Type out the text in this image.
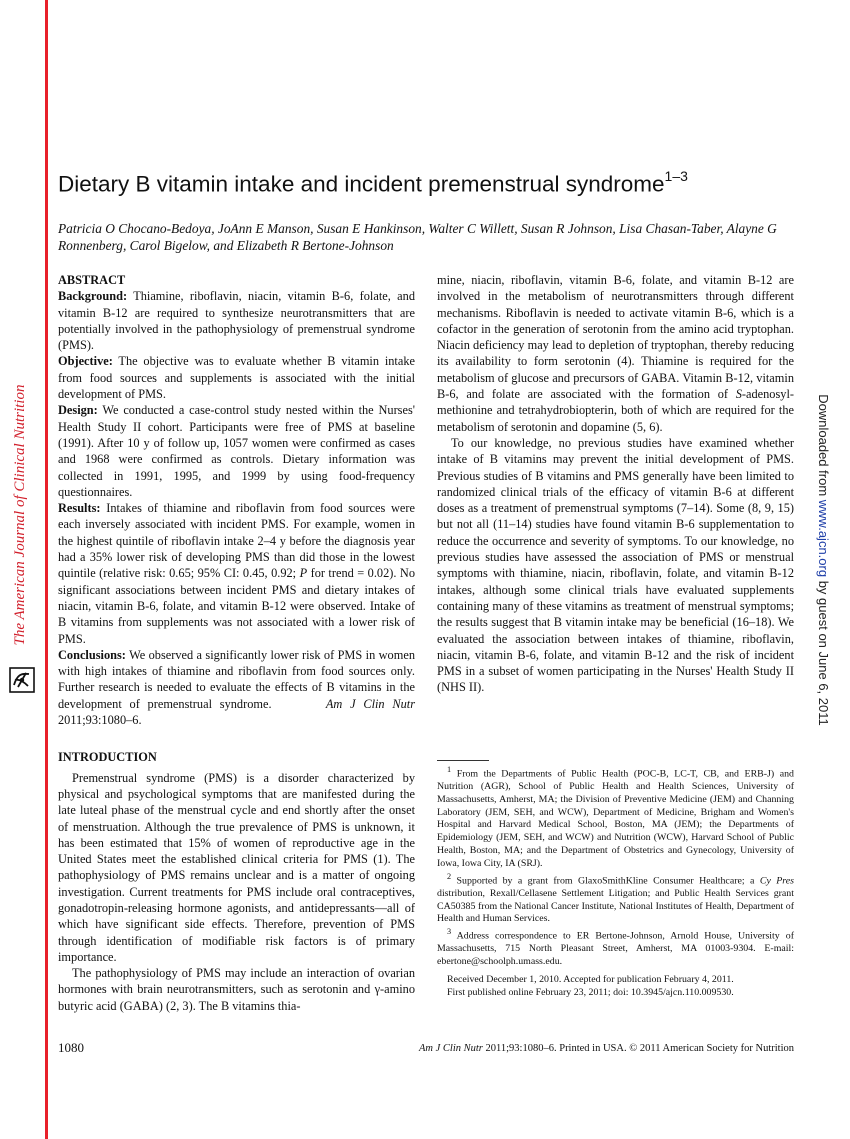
The American Journal of Clinical Nutrition	Downloaded from www.ajcn.org by guest on June 6, 2011
Dietary B vitamin intake and incident premenstrual syndrome$^{1-3}$
Patricia O Chocano-Bedoya, JoAnn E Manson, Susan E Hankinson, Walter C Willett, Susan R Johnson, Lisa Chasan-Taber, Alayne G Ronnenberg, Carol Bigelow, and Elizabeth R Bertone-Johnson

ABSTRACT

Background: Thiamine, riboflavin, niacin, vitamin B-6, folate, and vitamin B-12 are required to synthesize neurotransmitters that are potentially involved in the pathophysiology of premenstrual syndrome (PMS).

Objective: The objective was to evaluate whether B vitamin intake from food sources and supplements is associated with the initial development of PMS.

Design: We conducted a case-control study nested within the Nurses' Health Study II cohort. Participants were free of PMS at baseline (1991). After 10 y of follow up, 1057 women were confirmed as cases and 1968 were confirmed as controls. Dietary information was collected in 1991, 1995, and 1999 by using food-frequency questionnaires.

Results: Intakes of thiamine and riboflavin from food sources were each inversely associated with incident PMS. For example, women in the highest quintile of riboflavin intake 2–4 y before the diagnosis year had a 35% lower risk of developing PMS than did those in the lowest quintile (relative risk: 0.65; 95% CI: 0.45, 0.92; P for trend = 0.02). No significant associations between incident PMS and dietary intakes of niacin, vitamin B-6, folate, and vitamin B-12 were observed. Intake of B vitamins from supplements was not associated with a lower risk of PMS.

Conclusions: We observed a significantly lower risk of PMS in women with high intakes of thiamine and riboflavin from food sources only. Further research is needed to evaluate the effects of B vitamins in the development of premenstrual syndrome.	Am J Clin Nutr 2011;93:1080–6.

INTRODUCTION

Premenstrual syndrome (PMS) is a disorder characterized by physical and psychological symptoms that are manifested during the late luteal phase of the menstrual cycle and end shortly after the onset of menstruation. Although the true prevalence of PMS is unknown, it has been estimated that 15% of women of reproductive age in the United States meet the established clinical criteria for PMS (1). The pathophysiology of PMS remains unclear and is a matter of ongoing investigation. Current treatments for PMS include oral contraceptives, gonadotropin-releasing hormone agonists, and antidepressants—all of which have significant side effects. Therefore, prevention of PMS through identification of modifiable risk factors is of primary importance.

The pathophysiology of PMS may include an interaction of ovarian hormones with brain neurotransmitters, such as serotonin and γ-amino butyric acid (GABA) (2, 3). The B vitamins thia-

mine, niacin, riboflavin, vitamin B-6, folate, and vitamin B-12 are involved in the metabolism of neurotransmitters through different mechanisms. Riboflavin is needed to activate vitamin B-6, which is a cofactor in the generation of serotonin from the amino acid tryptophan. Niacin deficiency may lead to depletion of tryptophan, thereby reducing its availability to form serotonin (4). Thiamine is required for the metabolism of glucose and precursors of GABA. Vitamin B-12, vitamin B-6, and folate are associated with the formation of S-adenosyl-methionine and tetrahydrobiopterin, both of which are required for the metabolism of serotonin and dopamine (5, 6).

To our knowledge, no previous studies have examined whether intake of B vitamins may prevent the initial development of PMS. Previous studies of B vitamins and PMS generally have been limited to randomized clinical trials of the efficacy of vitamin B-6 at different doses as a treatment of premenstrual symptoms (7–14). Some (8, 9, 15) but not all (11–14) studies have found vitamin B-6 supplementation to reduce the occurrence and severity of symptoms. To our knowledge, no previous studies have assessed the association of PMS or menstrual symptoms with thiamine, niacin, riboflavin, folate, and vitamin B-12 intakes, although some clinical trials have evaluated supplements containing many of these vitamins as treatment of menstrual symptoms; the results suggest that B vitamin intake may be beneficial (16–18). We evaluated the association between intakes of thiamine, riboflavin, niacin, vitamin B-6, folate, and vitamin B-12 and the risk of incident PMS in a subset of women participating in the Nurses' Health Study II (NHS II).

$^1$ From the Departments of Public Health (POC-B, LC-T, CB, and ERB-J) and Nutrition (AGR), School of Public Health and Health Sciences, University of Massachusetts, Amherst, MA; the Division of Preventive Medicine (JEM) and Channing Laboratory (JEM, SEH, and WCW), Department of Medicine, Brigham and Women's Hospital and Harvard Medical School, Boston, MA (JEM); the Departments of Epidemiology (JEM, SEH, and WCW) and Nutrition (WCW), Harvard School of Public Health, Boston, MA; and the Department of Obstetrics and Gynecology, University of Iowa, Iowa City, IA (SRJ).

$^2$ Supported by a grant from GlaxoSmithKline Consumer Healthcare; a Cy Pres distribution, Rexall/Cellasene Settlement Litigation; and Public Health Services grant CA50385 from the National Cancer Institute, National Institutes of Health, Department of Health and Human Services.

$^3$ Address correspondence to ER Bertone-Johnson, Arnold House, University of Massachusetts, 715 North Pleasant Street, Amherst, MA 01003-9304. E-mail: ebertone@schoolph.umass.edu.

Received December 1, 2010. Accepted for publication February 4, 2011.

First published online February 23, 2011; doi: 10.3945/ajcn.110.009530.

1080	Am J Clin Nutr 2011;93:1080–6. Printed in USA. © 2011 American Society for Nutrition
